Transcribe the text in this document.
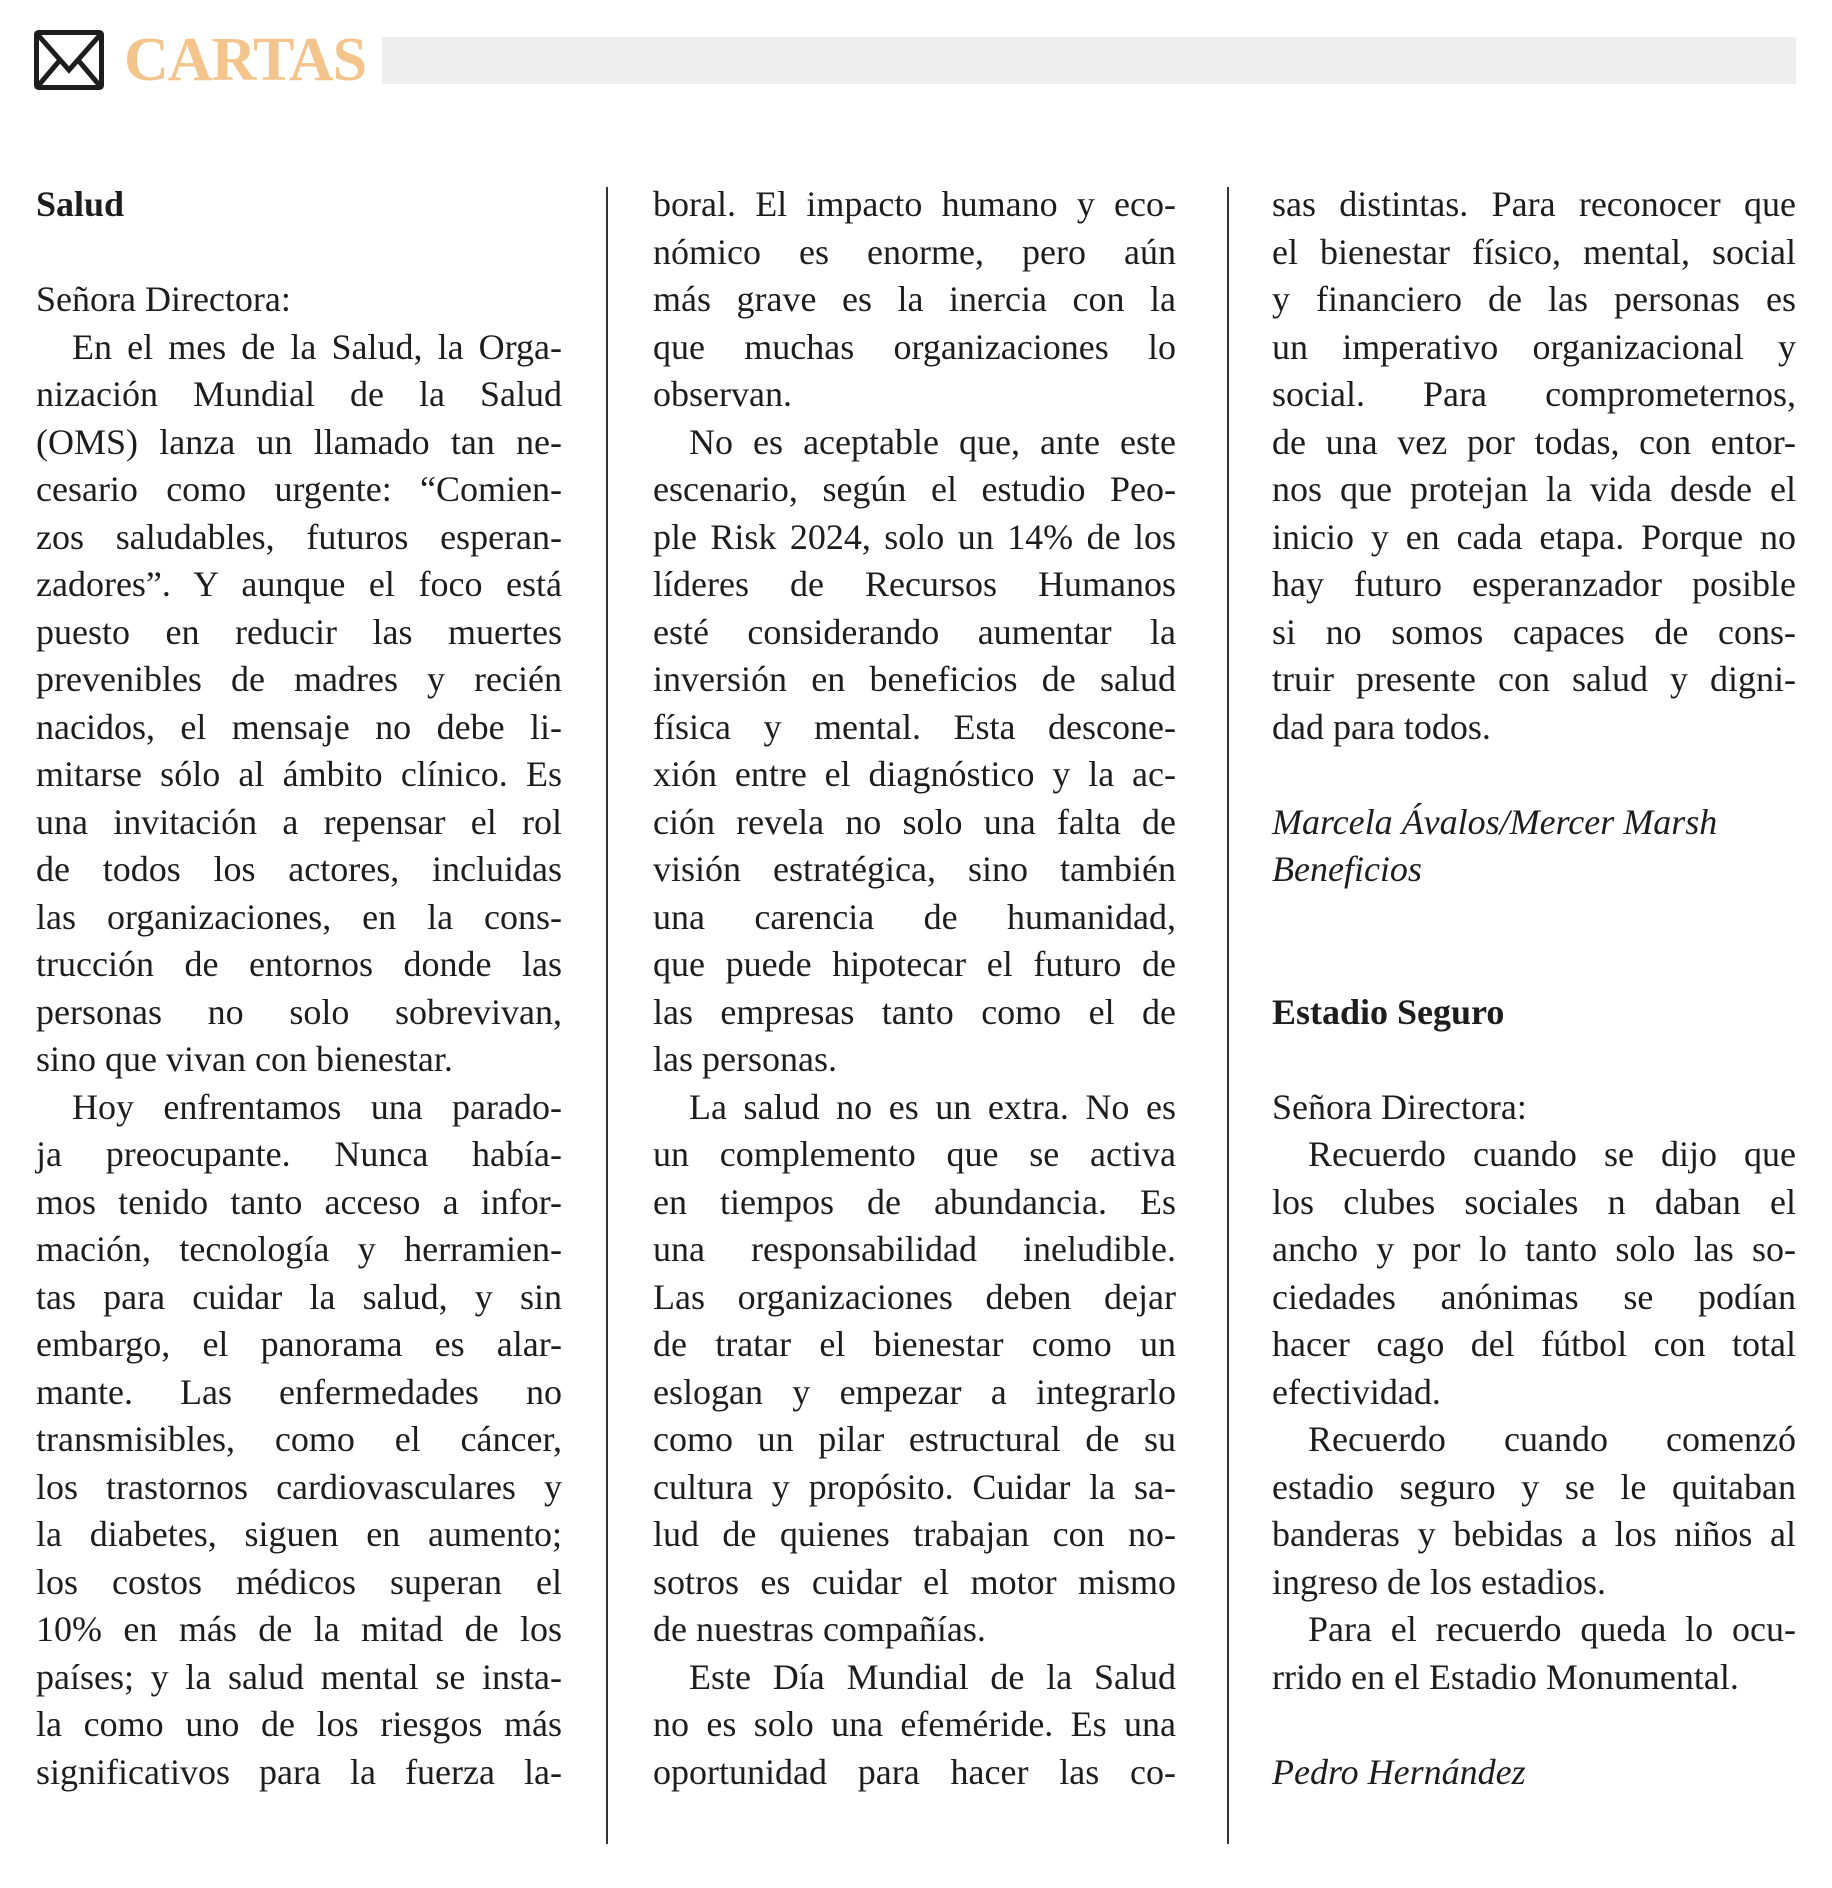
CARTAS
Salud
Señora Directora:
En el mes de la Salud, la Orga-
nización Mundial de la Salud
(OMS) lanza un llamado tan ne-
cesario como urgente: “Comien-
zos saludables, futuros esperan-
zadores”. Y aunque el foco está
puesto en reducir las muertes
prevenibles de madres y recién
nacidos, el mensaje no debe li-
mitarse sólo al ámbito clínico. Es
una invitación a repensar el rol
de todos los actores, incluidas
las organizaciones, en la cons-
trucción de entornos donde las
personas no solo sobrevivan,
sino que vivan con bienestar.
Hoy enfrentamos una parado-
ja preocupante. Nunca había-
mos tenido tanto acceso a infor-
mación, tecnología y herramien-
tas para cuidar la salud, y sin
embargo, el panorama es alar-
mante. Las enfermedades no
transmisibles, como el cáncer,
los trastornos cardiovasculares y
la diabetes, siguen en aumento;
los costos médicos superan el
10% en más de la mitad de los
países; y la salud mental se insta-
la como uno de los riesgos más
significativos para la fuerza la-
boral. El impacto humano y eco-
nómico es enorme, pero aún
más grave es la inercia con la
que muchas organizaciones lo
observan.
No es aceptable que, ante este
escenario, según el estudio Peo-
ple Risk 2024, solo un 14% de los
líderes de Recursos Humanos
esté considerando aumentar la
inversión en beneficios de salud
física y mental. Esta descone-
xión entre el diagnóstico y la ac-
ción revela no solo una falta de
visión estratégica, sino también
una carencia de humanidad,
que puede hipotecar el futuro de
las empresas tanto como el de
las personas.
La salud no es un extra. No es
un complemento que se activa
en tiempos de abundancia. Es
una responsabilidad ineludible.
Las organizaciones deben dejar
de tratar el bienestar como un
eslogan y empezar a integrarlo
como un pilar estructural de su
cultura y propósito. Cuidar la sa-
lud de quienes trabajan con no-
sotros es cuidar el motor mismo
de nuestras compañías.
Este Día Mundial de la Salud
no es solo una efeméride. Es una
oportunidad para hacer las co-
sas distintas. Para reconocer que
el bienestar físico, mental, social
y financiero de las personas es
un imperativo organizacional y
social. Para comprometernos,
de una vez por todas, con entor-
nos que protejan la vida desde el
inicio y en cada etapa. Porque no
hay futuro esperanzador posible
si no somos capaces de cons-
truir presente con salud y digni-
dad para todos.
Marcela Ávalos/Mercer Marsh
Beneficios
Estadio Seguro
Señora Directora:
Recuerdo cuando se dijo que
los clubes sociales n daban el
ancho y por lo tanto solo las so-
ciedades anónimas se podían
hacer cago del fútbol con total
efectividad.
Recuerdo cuando comenzó
estadio seguro y se le quitaban
banderas y bebidas a los niños al
ingreso de los estadios.
Para el recuerdo queda lo ocu-
rrido en el Estadio Monumental.
Pedro Hernández
